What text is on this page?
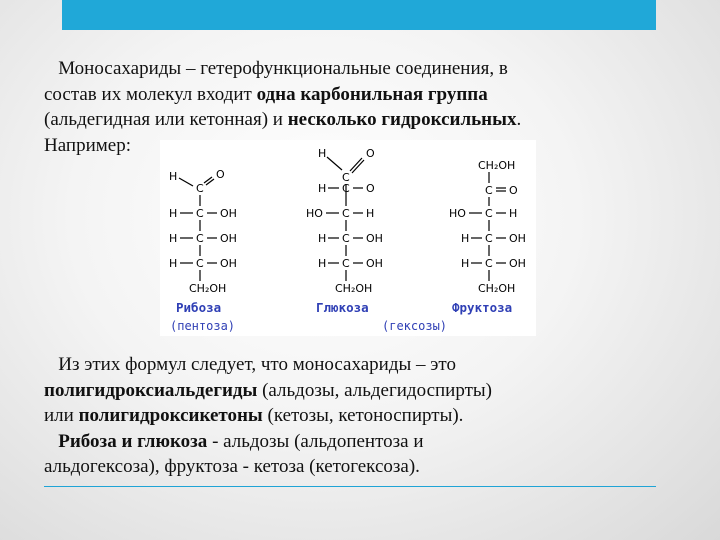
Моносахариды – гетерофункциональные соединения, в
состав их молекул входит одна карбонильная группа
(альдегидная или кетонная) и несколько гидроксильных.
Например:

H
C
O
H C OH
H C OH
H C OH
CH₂OH
Рибоза
(пентоза)
H
C
O
H C O
HO C H
H C OH
H C OH
CH₂OH
Глюкоза
CH₂OH
C O
HO C H
H C OH
H C OH
CH₂OH
Фруктоза
(гексозы)

Из этих формул следует, что моносахариды – это
полигидроксиальдегиды (альдозы, альдегидоспирты)
или полигидроксикетоны (кетозы, кетоноспирты).
Рибоза и глюкоза - альдозы (альдопентоза и
альдогексоза), фруктоза - кетоза (кетогексоза).
